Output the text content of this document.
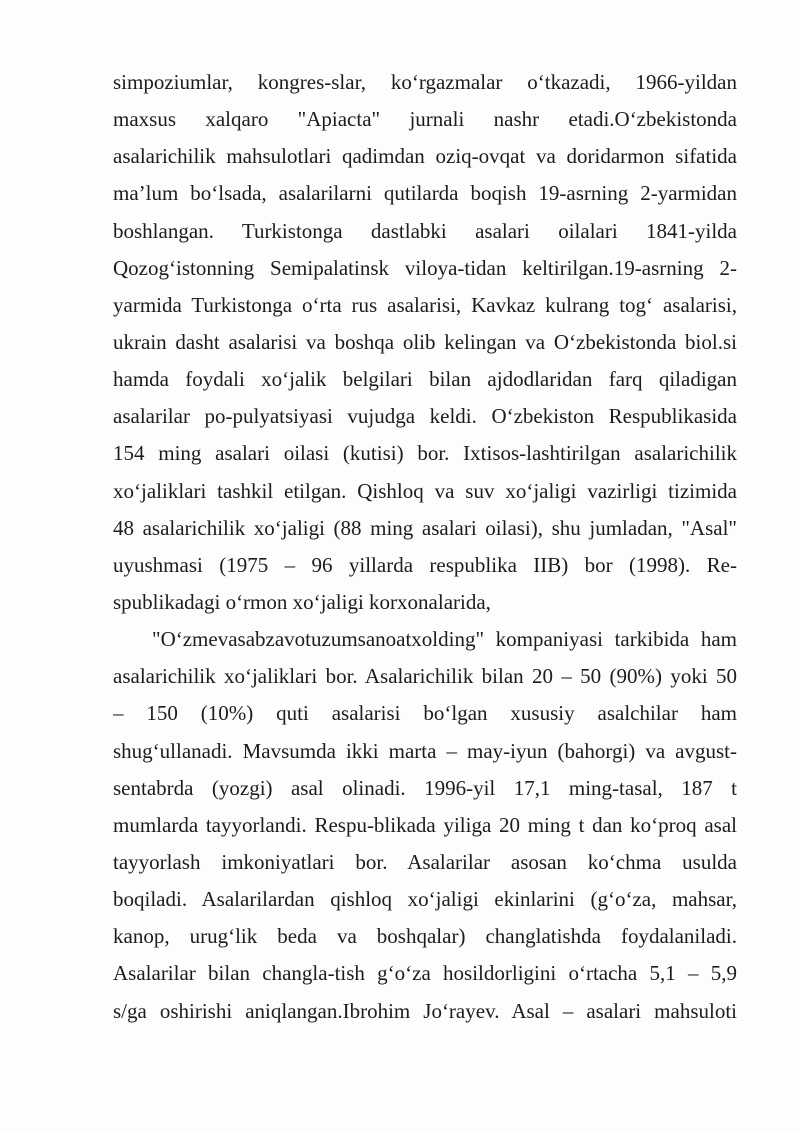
simpoziumlar, kongres-slar, ko‘rgazmalar o‘tkazadi, 1966-yildan
maxsus xalqaro "Apiacta" jurnali nashr etadi.O‘zbekistonda
asalarichilik mahsulotlari qadimdan oziq-ovqat va doridarmon sifatida
ma’lum bo‘lsada, asalarilarni qutilarda boqish 19-asrning 2-yarmidan
boshlangan. Turkistonga dastlabki asalari oilalari 1841-yilda
Qozog‘istonning Semipalatinsk viloya-tidan keltirilgan.19-asrning 2-
yarmida Turkistonga o‘rta rus asalarisi, Kavkaz kulrang tog‘ asalarisi,
ukrain dasht asalarisi va boshqa olib kelingan va O‘zbekistonda biol.si
hamda foydali xo‘jalik belgilari bilan ajdodlaridan farq qiladigan
asalarilar po-pulyatsiyasi vujudga keldi. O‘zbekiston Respublikasida
154 ming asalari oilasi (kutisi) bor. Ixtisos-lashtirilgan asalarichilik
xo‘jaliklari tashkil etilgan. Qishloq va suv xo‘jaligi vazirligi tizimida
48 asalarichilik xo‘jaligi (88 ming asalari oilasi), shu jumladan, "Asal"
uyushmasi (1975 – 96 yillarda respublika IIB) bor (1998). Re-
spublikadagi o‘rmon xo‘jaligi korxonalarida,
"O‘zmevasabzavotuzumsanoatxolding" kompaniyasi tarkibida ham
asalarichilik xo‘jaliklari bor. Asalarichilik bilan 20 – 50 (90%) yoki 50
– 150 (10%) quti asalarisi bo‘lgan xususiy asalchilar ham
shug‘ullanadi. Mavsumda ikki marta – may-iyun (bahorgi) va avgust-
sentabrda (yozgi) asal olinadi. 1996-yil 17,1 ming-tasal, 187 t
mumlarda tayyorlandi. Respu-blikada yiliga 20 ming t dan ko‘proq asal
tayyorlash imkoniyatlari bor. Asalarilar asosan ko‘chma usulda
boqiladi. Asalarilardan qishloq xo‘jaligi ekinlarini (g‘o‘za, mahsar,
kanop, urug‘lik beda va boshqalar) changlatishda foydalaniladi.
Asalarilar bilan changla-tish g‘o‘za hosildorligini o‘rtacha 5,1 – 5,9
s/ga oshirishi aniqlangan.Ibrohim Jo‘rayev. Asal – asalari mahsuloti
